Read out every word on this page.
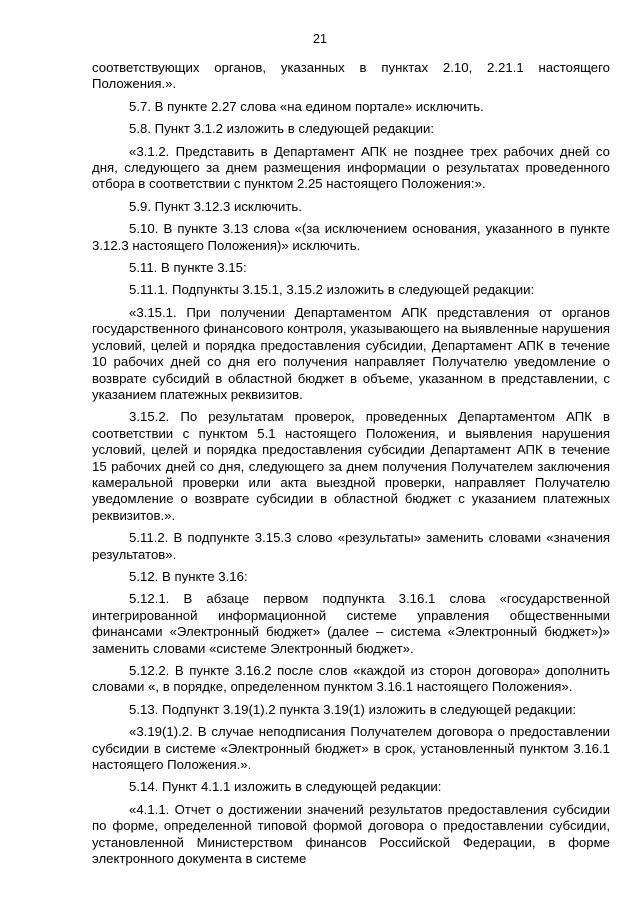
21

соответствующих органов, указанных в пунктах 2.10, 2.21.1 настоящего Положения.».

5.7. В пункте 2.27 слова «на едином портале» исключить.

5.8. Пункт 3.1.2 изложить в следующей редакции:

«3.1.2. Представить в Департамент АПК не позднее трех рабочих дней со дня, следующего за днем размещения информации о результатах проведенного отбора в соответствии с пунктом 2.25 настоящего Положения:».

5.9. Пункт 3.12.3 исключить.

5.10. В пункте 3.13 слова «(за исключением основания, указанного в пункте 3.12.3 настоящего Положения)» исключить.

5.11. В пункте 3.15:

5.11.1. Подпункты 3.15.1, 3.15.2 изложить в следующей редакции:

«3.15.1. При получении Департаментом АПК представления от органов государственного финансового контроля, указывающего на выявленные нарушения условий, целей и порядка предоставления субсидии, Департамент АПК в течение 10 рабочих дней со дня его получения направляет Получателю уведомление о возврате субсидий в областной бюджет в объеме, указанном в представлении, с указанием платежных реквизитов.

3.15.2. По результатам проверок, проведенных Департаментом АПК в соответствии с пунктом 5.1 настоящего Положения, и выявления нарушения условий, целей и порядка предоставления субсидии Департамент АПК в течение 15 рабочих дней со дня, следующего за днем получения Получателем заключения камеральной проверки или акта выездной проверки, направляет Получателю уведомление о возврате субсидии в областной бюджет с указанием платежных реквизитов.».

5.11.2. В подпункте 3.15.3 слово «результаты» заменить словами «значения результатов».

5.12. В пункте 3.16:

5.12.1. В абзаце первом подпункта 3.16.1 слова «государственной интегрированной информационной системе управления общественными финансами «Электронный бюджет» (далее – система «Электронный бюджет»)» заменить словами «системе Электронный бюджет».

5.12.2. В пункте 3.16.2 после слов «каждой из сторон договора» дополнить словами «, в порядке, определенном пунктом 3.16.1 настоящего Положения».

5.13. Подпункт 3.19(1).2 пункта 3.19(1) изложить в следующей редакции:

«3.19(1).2. В случае неподписания Получателем договора о предоставлении субсидии в системе «Электронный бюджет» в срок, установленный пунктом 3.16.1 настоящего Положения.».

5.14. Пункт 4.1.1 изложить в следующей редакции:

«4.1.1. Отчет о достижении значений результатов предоставления субсидии по форме, определенной типовой формой договора о предоставлении субсидии, установленной Министерством финансов Российской Федерации, в форме электронного документа в системе
